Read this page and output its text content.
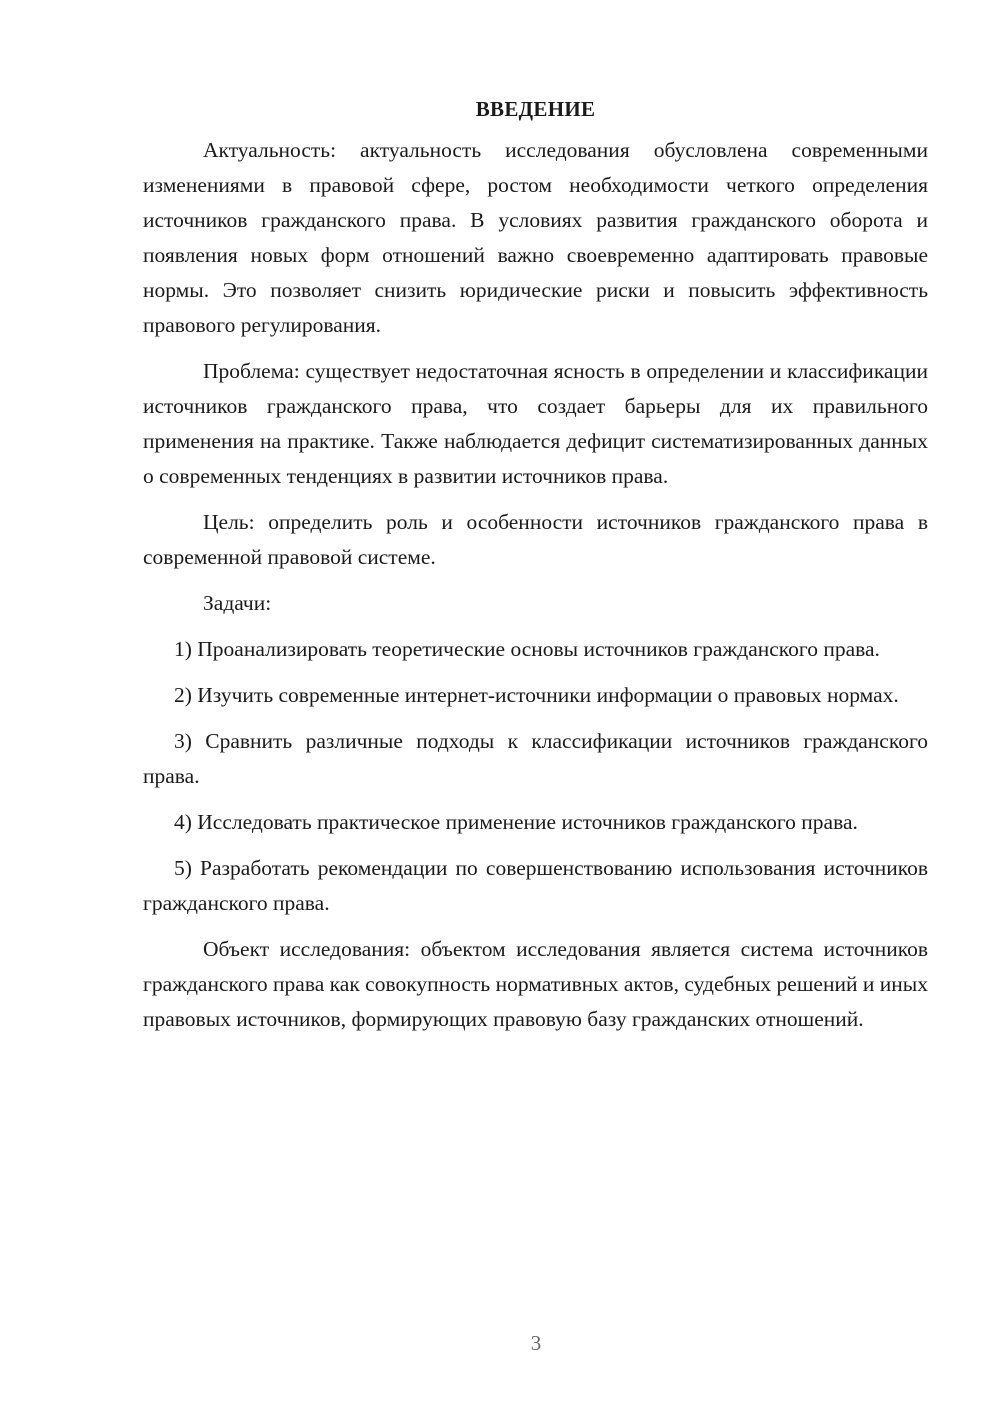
ВВЕДЕНИЕ

Актуальность: актуальность исследования обусловлена современными изменениями в правовой сфере, ростом необходимости четкого определения источников гражданского права. В условиях развития гражданского оборота и появления новых форм отношений важно своевременно адаптировать правовые нормы. Это позволяет снизить юридические риски и повысить эффективность правового регулирования.

Проблема: существует недостаточная ясность в определении и классификации источников гражданского права, что создает барьеры для их правильного применения на практике. Также наблюдается дефицит систематизированных данных о современных тенденциях в развитии источников права.

Цель: определить роль и особенности источников гражданского права в современной правовой системе.

Задачи:

1) Проанализировать теоретические основы источников гражданского права.

2) Изучить современные интернет-источники информации о правовых нормах.

3) Сравнить различные подходы к классификации источников гражданского права.

4) Исследовать практическое применение источников гражданского права.

5) Разработать рекомендации по совершенствованию использования источников гражданского права.

Объект исследования: объектом исследования является система источников гражданского права как совокупность нормативных актов, судебных решений и иных правовых источников, формирующих правовую базу гражданских отношений.

3
